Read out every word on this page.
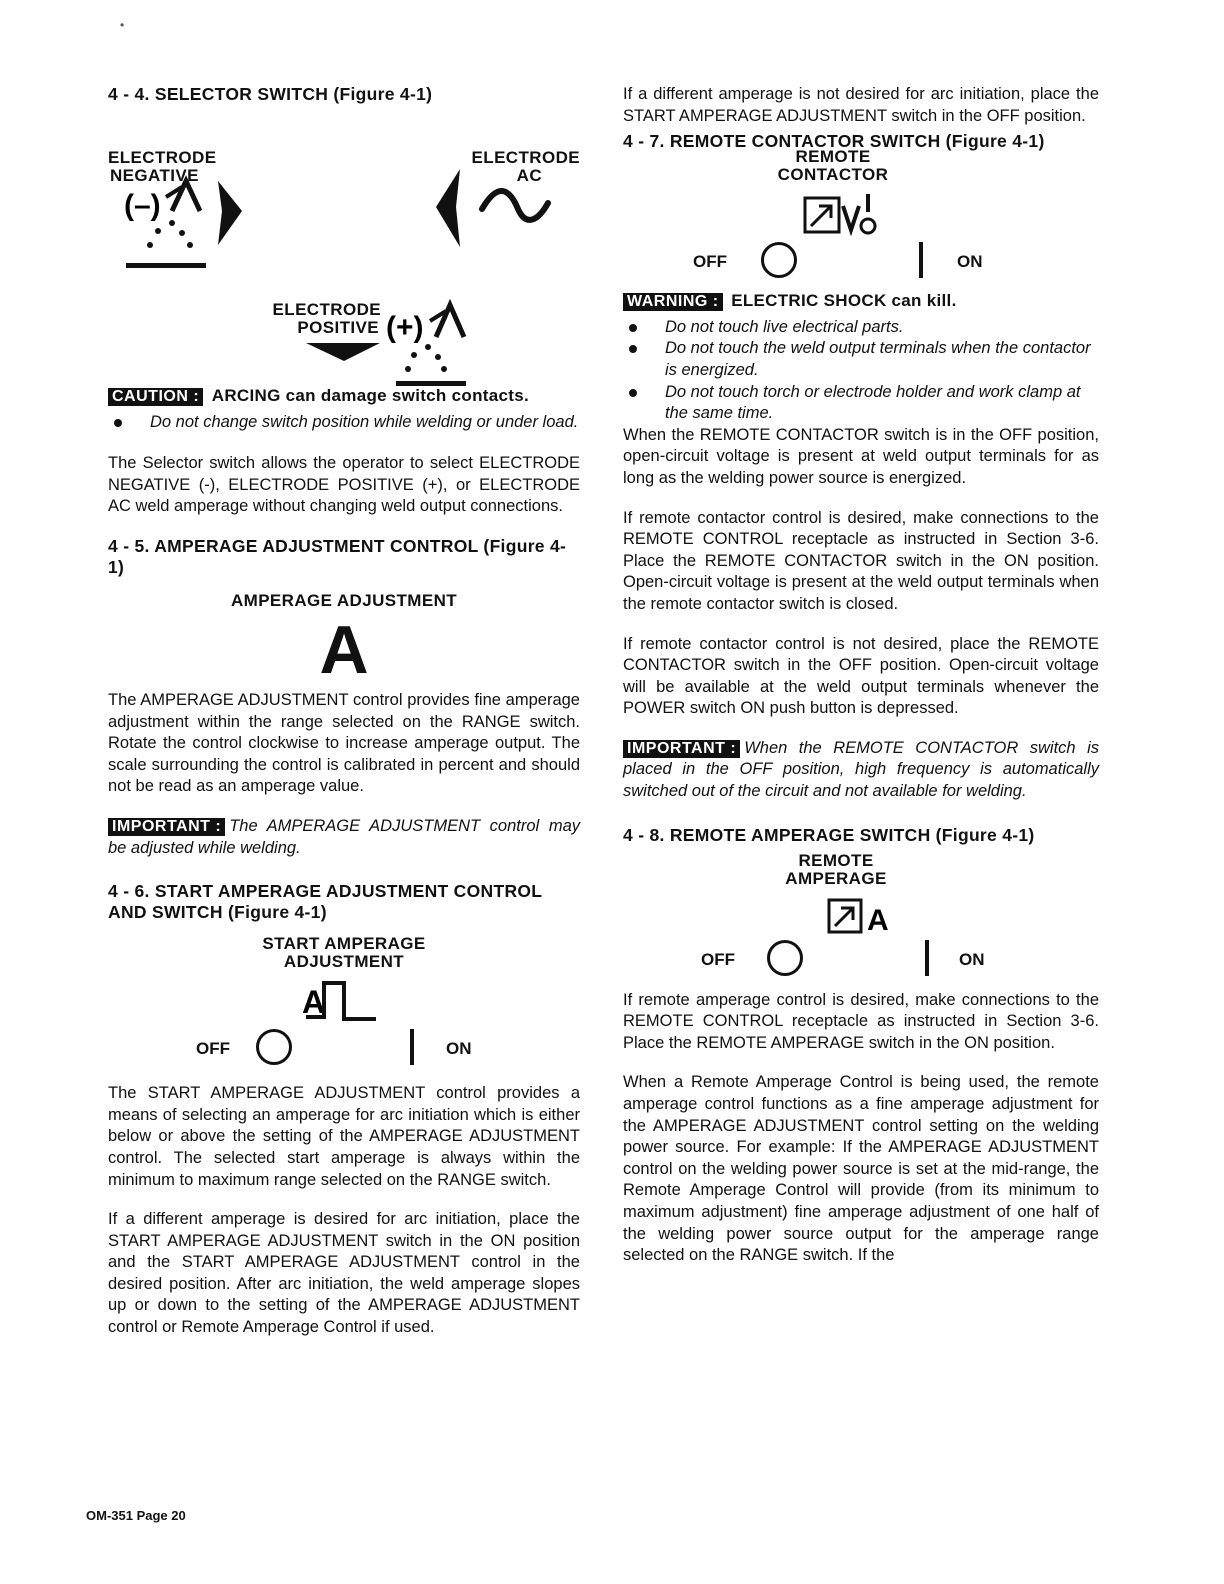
•
4 - 4. SELECTOR SWITCH (Figure 4-1)
ELECTRODE
NEGATIVE
ELECTRODE
AC
(–)
ELECTRODE
POSITIVE (+)
CAUTION : ARCING can damage switch contacts.
Do not change switch position while welding or under load.

The Selector switch allows the operator to select ELECTRODE NEGATIVE (-), ELECTRODE POSITIVE (+), or ELECTRODE AC weld amperage without changing weld output connections.

4 - 5. AMPERAGE ADJUSTMENT CONTROL (Figure 4-1)
AMPERAGE ADJUSTMENT
A

The AMPERAGE ADJUSTMENT control provides fine amperage adjustment within the range selected on the RANGE switch. Rotate the control clockwise to increase amperage output. The scale surrounding the control is calibrated in percent and should not be read as an amperage value.

IMPORTANT : The AMPERAGE ADJUSTMENT control may be adjusted while welding.

4 - 6. START AMPERAGE ADJUSTMENT CONTROL AND SWITCH (Figure 4-1)
START AMPERAGE
ADJUSTMENT
A
OFF	ON

The START AMPERAGE ADJUSTMENT control provides a means of selecting an amperage for arc initiation which is either below or above the setting of the AMPERAGE ADJUSTMENT control. The selected start amperage is always within the minimum to maximum range selected on the RANGE switch.

If a different amperage is desired for arc initiation, place the START AMPERAGE ADJUSTMENT switch in the ON position and the START AMPERAGE ADJUSTMENT control in the desired position. After arc initiation, the weld amperage slopes up or down to the setting of the AMPERAGE ADJUSTMENT control or Remote Amperage Control if used.

If a different amperage is not desired for arc initiation, place the START AMPERAGE ADJUSTMENT switch in the OFF position.

4 - 7. REMOTE CONTACTOR SWITCH (Figure 4-1)
REMOTE
CONTACTOR
OFF	ON
WARNING : ELECTRIC SHOCK can kill.
Do not touch live electrical parts.
Do not touch the weld output terminals when the contactor is energized.
Do not touch torch or electrode holder and work clamp at the same time.

When the REMOTE CONTACTOR switch is in the OFF position, open-circuit voltage is present at weld output terminals for as long as the welding power source is energized.

If remote contactor control is desired, make connections to the REMOTE CONTROL receptacle as instructed in Section 3-6. Place the REMOTE CONTACTOR switch in the ON position. Open-circuit voltage is present at the weld output terminals when the remote contactor switch is closed.

If remote contactor control is not desired, place the REMOTE CONTACTOR switch in the OFF position. Open-circuit voltage will be available at the weld output terminals whenever the POWER switch ON push button is depressed.

IMPORTANT : When the REMOTE CONTACTOR switch is placed in the OFF position, high frequency is automatically switched out of the circuit and not available for welding.

4 - 8. REMOTE AMPERAGE SWITCH (Figure 4-1)
REMOTE
AMPERAGE
A
OFF	ON

If remote amperage control is desired, make connections to the REMOTE CONTROL receptacle as instructed in Section 3-6. Place the REMOTE AMPERAGE switch in the ON position.

When a Remote Amperage Control is being used, the remote amperage control functions as a fine amperage adjustment for the AMPERAGE ADJUSTMENT control setting on the welding power source. For example: If the AMPERAGE ADJUSTMENT control on the welding power source is set at the mid-range, the Remote Amperage Control will provide (from its minimum to maximum adjustment) fine amperage adjustment of one half of the welding power source output for the amperage range selected on the RANGE switch. If the

OM-351 Page 20
